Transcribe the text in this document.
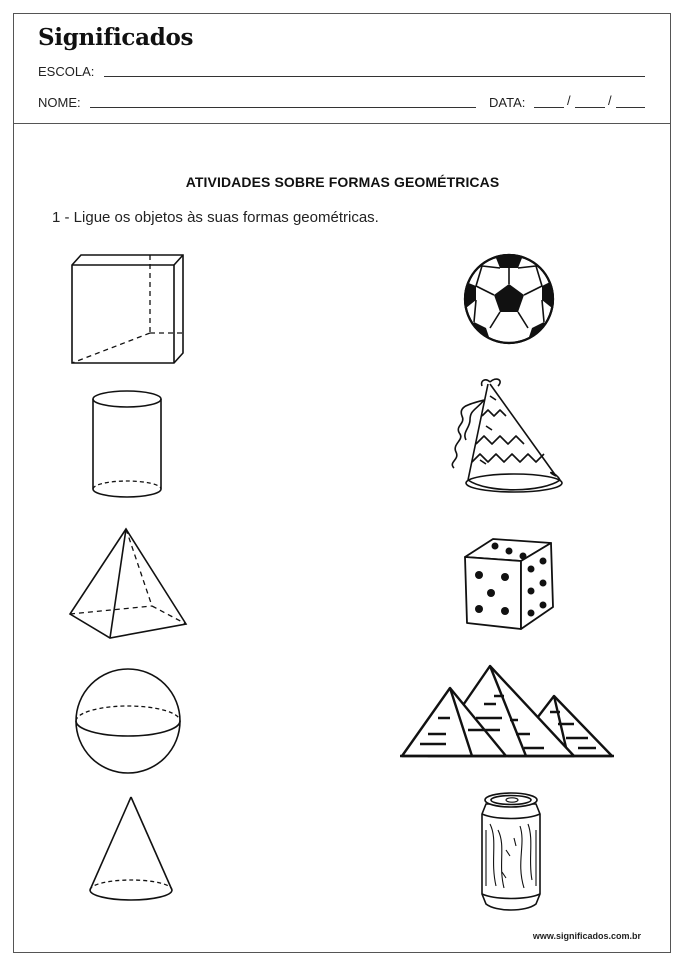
Significados
ESCOLA:
NOME:	DATA:	/	/
ATIVIDADES SOBRE FORMAS GEOMÉTRICAS
1 - Ligue os objetos às suas formas geométricas.
www.significados.com.br
